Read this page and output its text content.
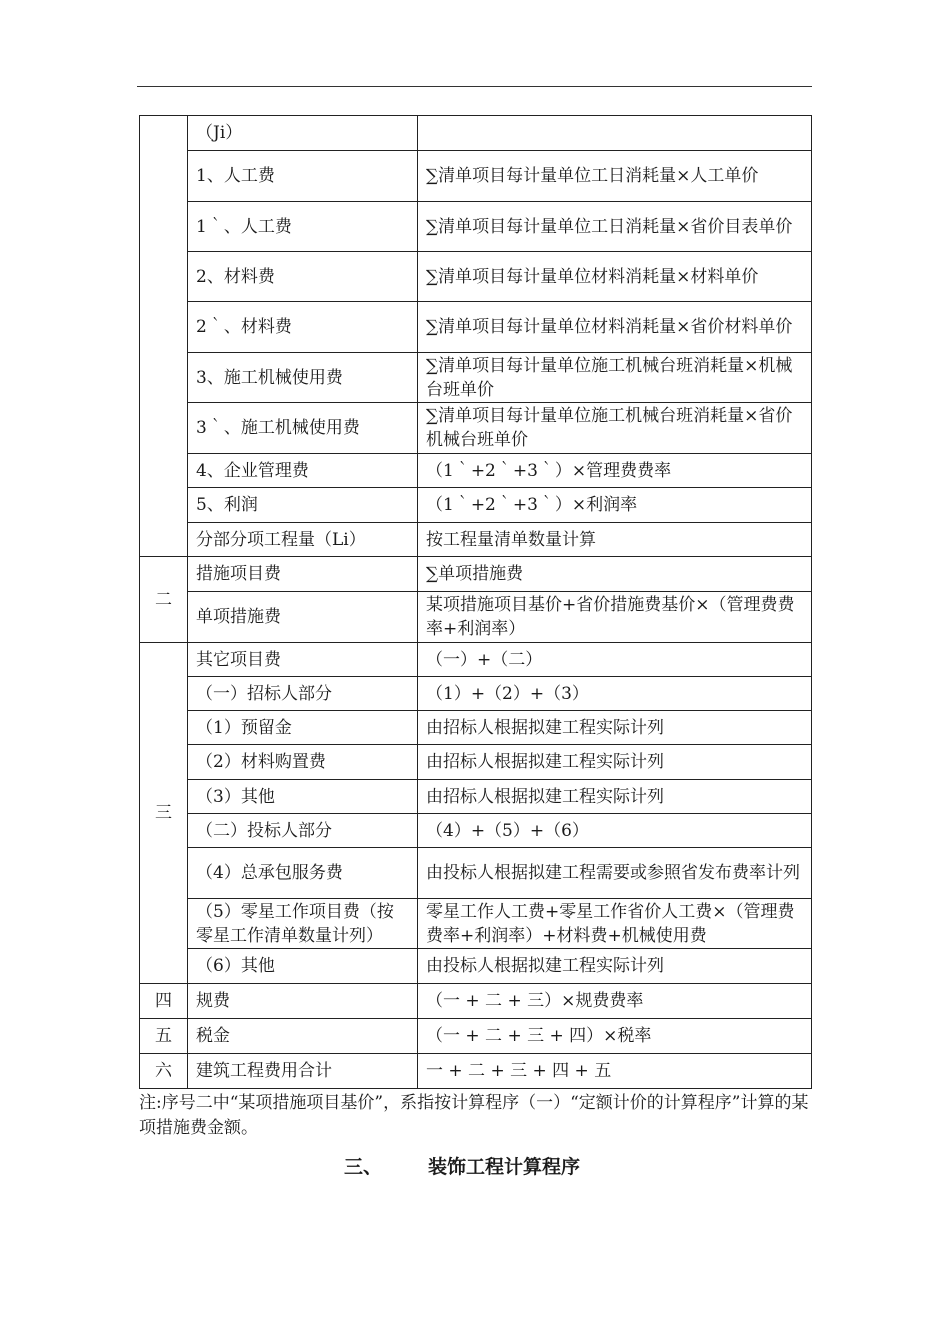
	（Ji）	
	1、人工费	∑清单项目每计量单位工日消耗量×人工单价
	1｀、人工费	∑清单项目每计量单位工日消耗量×省价目表单价
	2、材料费	∑清单项目每计量单位材料消耗量×材料单价
	2｀、材料费	∑清单项目每计量单位材料消耗量×省价材料单价
	3、施工机械使用费	∑清单项目每计量单位施工机械台班消耗量×机械台班单价
	3｀、施工机械使用费	∑清单项目每计量单位施工机械台班消耗量×省价机械台班单价
	4、企业管理费	（1｀+2｀+3｀）×管理费费率
	5、利润	（1｀+2｀+3｀）×利润率
	分部分项工程量（Li）	按工程量清单数量计算
二	措施项目费	∑单项措施费
	单项措施费	某项措施项目基价+省价措施费基价×（管理费费率+利润率）
三	其它项目费	（一）+（二）
	（一）招标人部分	（1）+（2）+（3）
	（1）预留金	由招标人根据拟建工程实际计列
	（2）材料购置费	由招标人根据拟建工程实际计列
	（3）其他	由招标人根据拟建工程实际计列
	（二）投标人部分	（4）+（5）+（6）
	（4）总承包服务费	由投标人根据拟建工程需要或参照省发布费率计列
	（5）零星工作项目费（按零星工作清单数量计列）	零星工作人工费+零星工作省价人工费×（管理费费率+利润率）+材料费+机械使用费
	（6）其他	由投标人根据拟建工程实际计列
四	规费	（一 + 二 + 三）×规费费率
五	税金	（一 + 二 + 三 + 四）×税率
六	建筑工程费用合计	一 + 二 + 三 + 四 + 五
注:序号二中“某项措施项目基价”，系指按计算程序（一）“定额计价的计算程序”计算的某项措施费金额。
三、 装饰工程计算程序
